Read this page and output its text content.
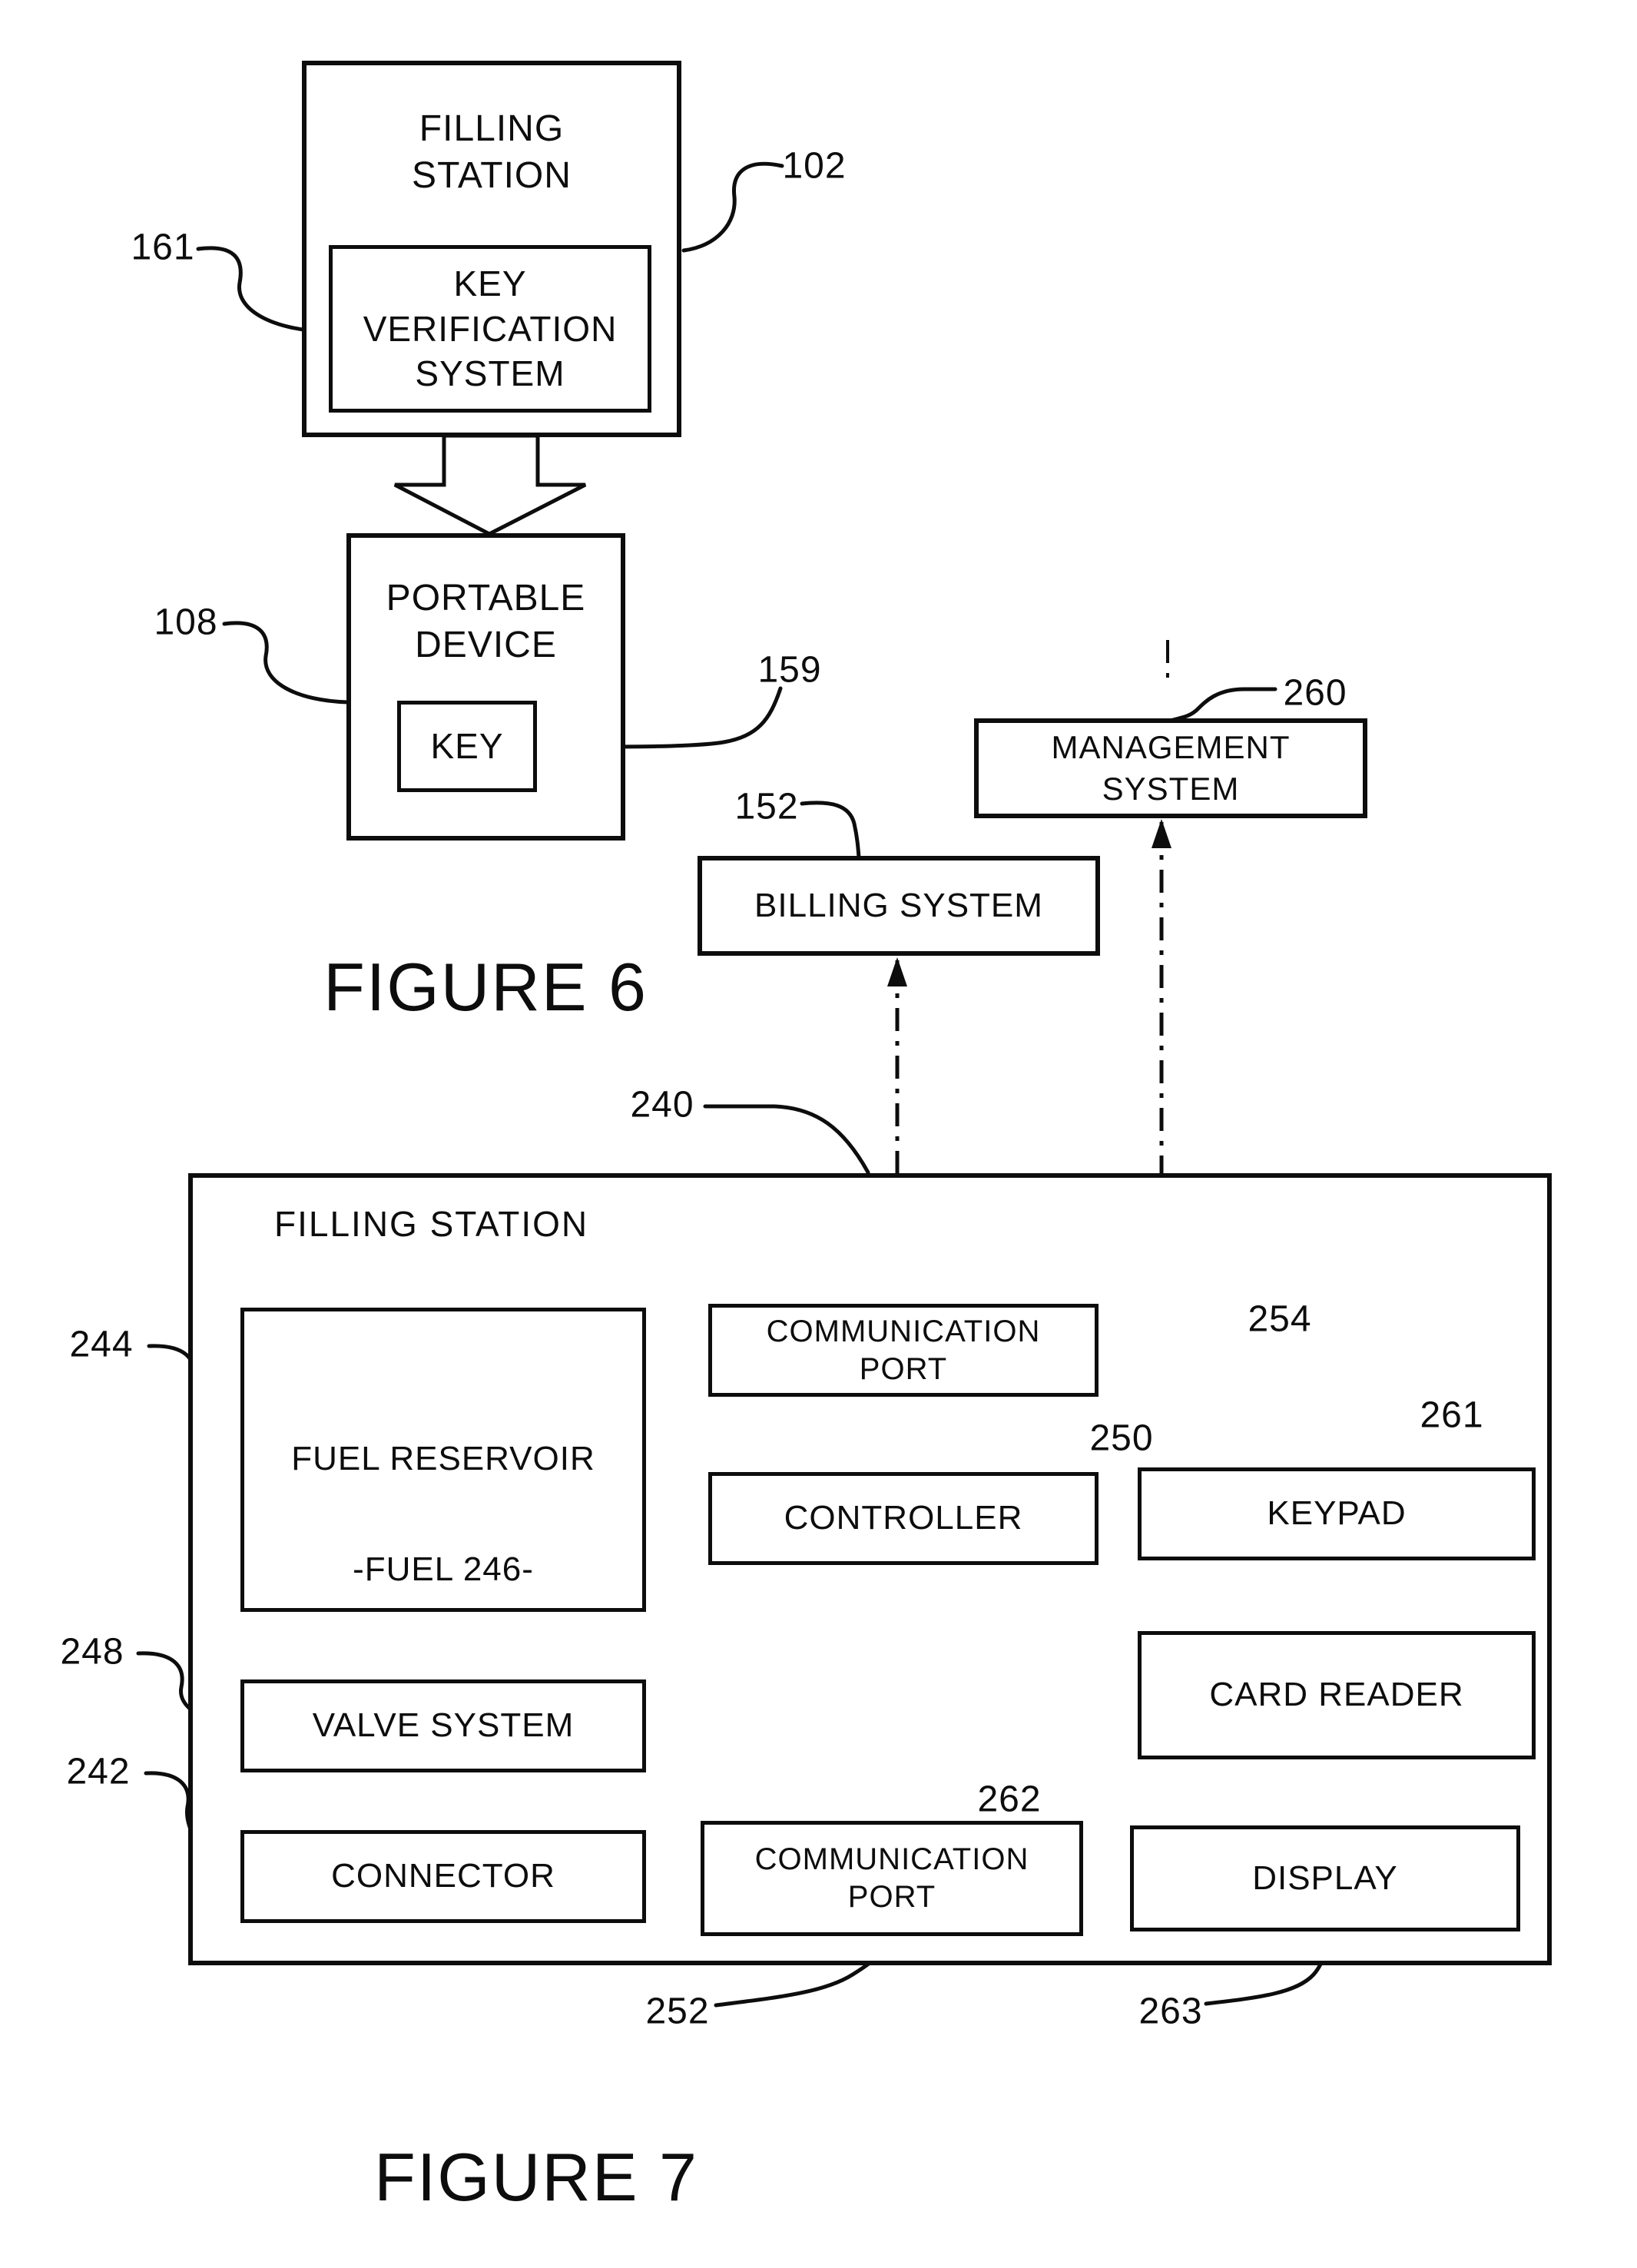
FILLING
STATION
KEY
VERIFICATION
SYSTEM
PORTABLE
DEVICE
KEY	MANAGEMENT
SYSTEM
BILLING SYSTEM
FIGURE 6
FILLING STATION
FUEL RESERVOIR
-FUEL 246-
VALVE SYSTEM
CONNECTOR
COMMUNICATION
PORT
CONTROLLER	KEYPAD
CARD READER
COMMUNICATION
PORT
DISPLAY
FIGURE 7
102
161
108
159
260
152
240
244
248
242
254
250
261
262
252	263
